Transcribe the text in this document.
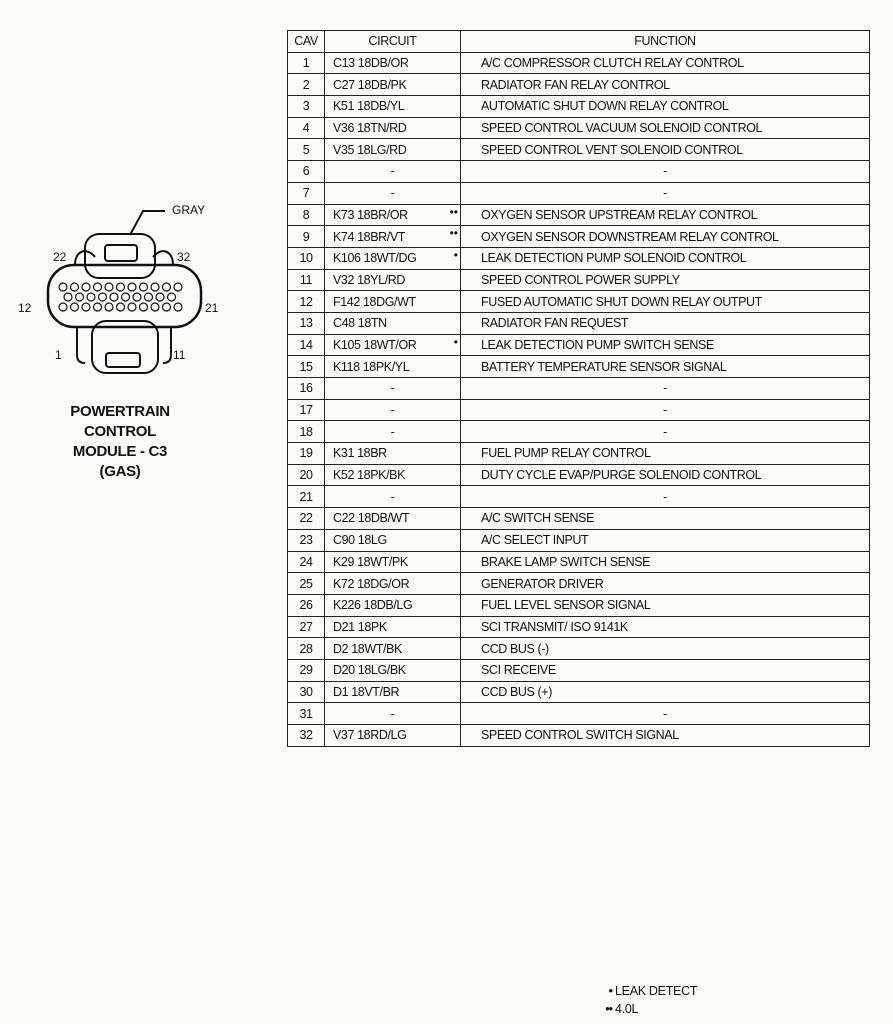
GRAY
22	32
12	21
1	11
POWERTRAIN
CONTROL
MODULE - C3
(GAS)
CAV	CIRCUIT	FUNCTION
1	C13 18DB/OR	A/C COMPRESSOR CLUTCH RELAY CONTROL
2	C27 18DB/PK	RADIATOR FAN RELAY CONTROL
3	K51 18DB/YL	AUTOMATIC SHUT DOWN RELAY CONTROL
4	V36 18TN/RD	SPEED CONTROL VACUUM SOLENOID CONTROL
5	V35 18LG/RD	SPEED CONTROL VENT SOLENOID CONTROL
6	-	-
7	-	-
8	K73 18BR/OR ••	OXYGEN SENSOR UPSTREAM RELAY CONTROL
9	K74 18BR/VT ••	OXYGEN SENSOR DOWNSTREAM RELAY CONTROL
10	K106 18WT/DG •	LEAK DETECTION PUMP SOLENOID CONTROL
11	V32 18YL/RD	SPEED CONTROL POWER SUPPLY
12	F142 18DG/WT	FUSED AUTOMATIC SHUT DOWN RELAY OUTPUT
13	C48 18TN	RADIATOR FAN REQUEST
14	K105 18WT/OR •	LEAK DETECTION PUMP SWITCH SENSE
15	K118 18PK/YL	BATTERY TEMPERATURE SENSOR SIGNAL
16	-	-
17	-	-
18	-	-
19	K31 18BR	FUEL PUMP RELAY CONTROL
20	K52 18PK/BK	DUTY CYCLE EVAP/PURGE SOLENOID CONTROL
21	-	-
22	C22 18DB/WT	A/C SWITCH SENSE
23	C90 18LG	A/C SELECT INPUT
24	K29 18WT/PK	BRAKE LAMP SWITCH SENSE
25	K72 18DG/OR	GENERATOR DRIVER
26	K226 18DB/LG	FUEL LEVEL SENSOR SIGNAL
27	D21 18PK	SCI TRANSMIT/ ISO 9141K
28	D2 18WT/BK	CCD BUS (-)
29	D20 18LG/BK	SCI RECEIVE
30	D1 18VT/BR	CCD BUS (+)
31	-	-
32	V37 18RD/LG	SPEED CONTROL SWITCH SIGNAL
• LEAK DETECT
•• 4.0L
